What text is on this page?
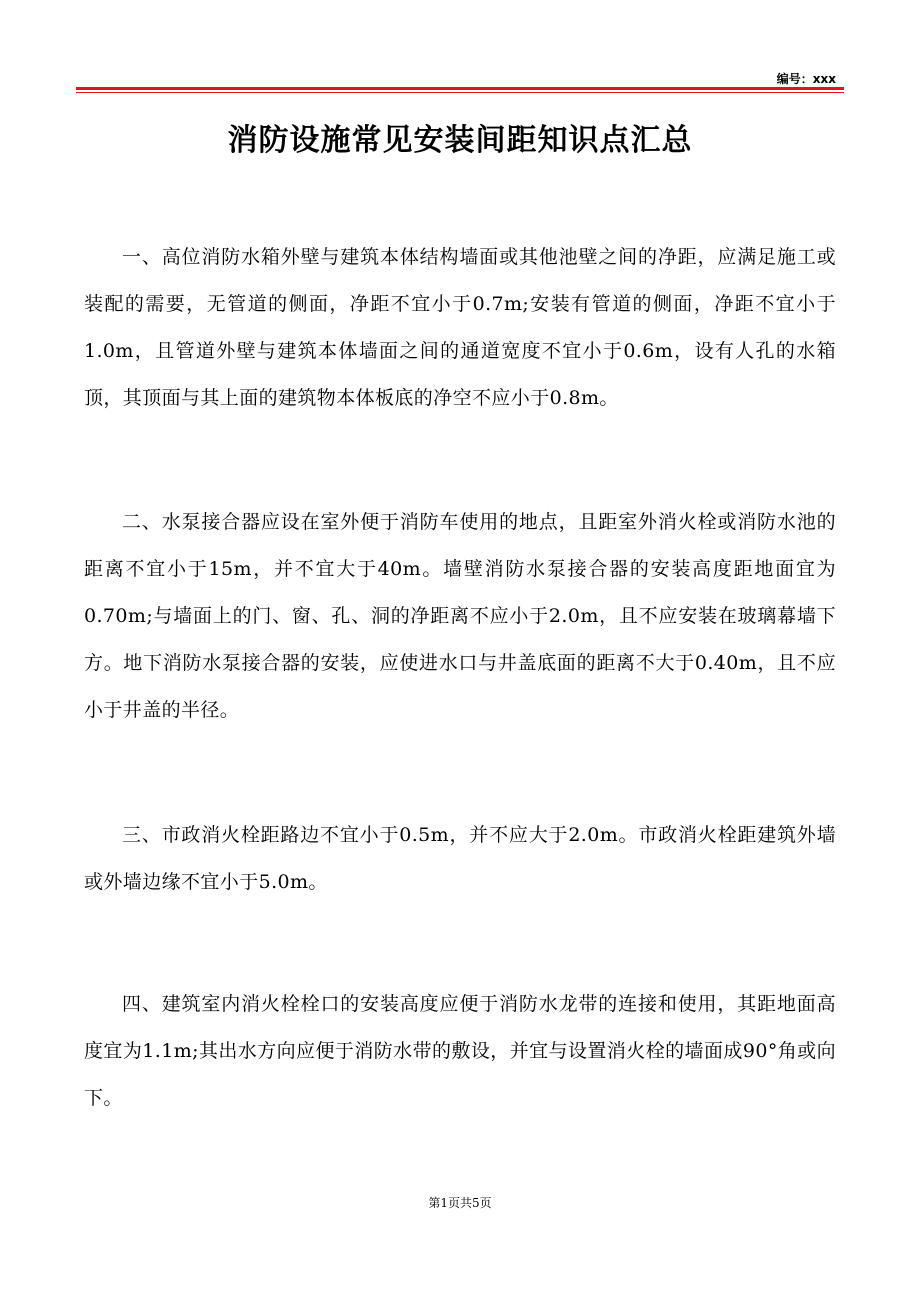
编号：xxx
消防设施常见安装间距知识点汇总

一、高位消防水箱外壁与建筑本体结构墙面或其他池壁之间的净距，应满足施工或装配的需要，无管道的侧面，净距不宜小于0.7m;安装有管道的侧面，净距不宜小于1.0m，且管道外壁与建筑本体墙面之间的通道宽度不宜小于0.6m，设有人孔的水箱顶，其顶面与其上面的建筑物本体板底的净空不应小于0.8m。

二、水泵接合器应设在室外便于消防车使用的地点，且距室外消火栓或消防水池的距离不宜小于15m，并不宜大于40m。墙壁消防水泵接合器的安装高度距地面宜为0.70m;与墙面上的门、窗、孔、洞的净距离不应小于2.0m，且不应安装在玻璃幕墙下方。地下消防水泵接合器的安装，应使进水口与井盖底面的距离不大于0.40m，且不应小于井盖的半径。

三、市政消火栓距路边不宜小于0.5m，并不应大于2.0m。市政消火栓距建筑外墙或外墙边缘不宜小于5.0m。

四、建筑室内消火栓栓口的安装高度应便于消防水龙带的连接和使用，其距地面高度宜为1.1m;其出水方向应便于消防水带的敷设，并宜与设置消火栓的墙面成90°角或向下。

第1页共5页
